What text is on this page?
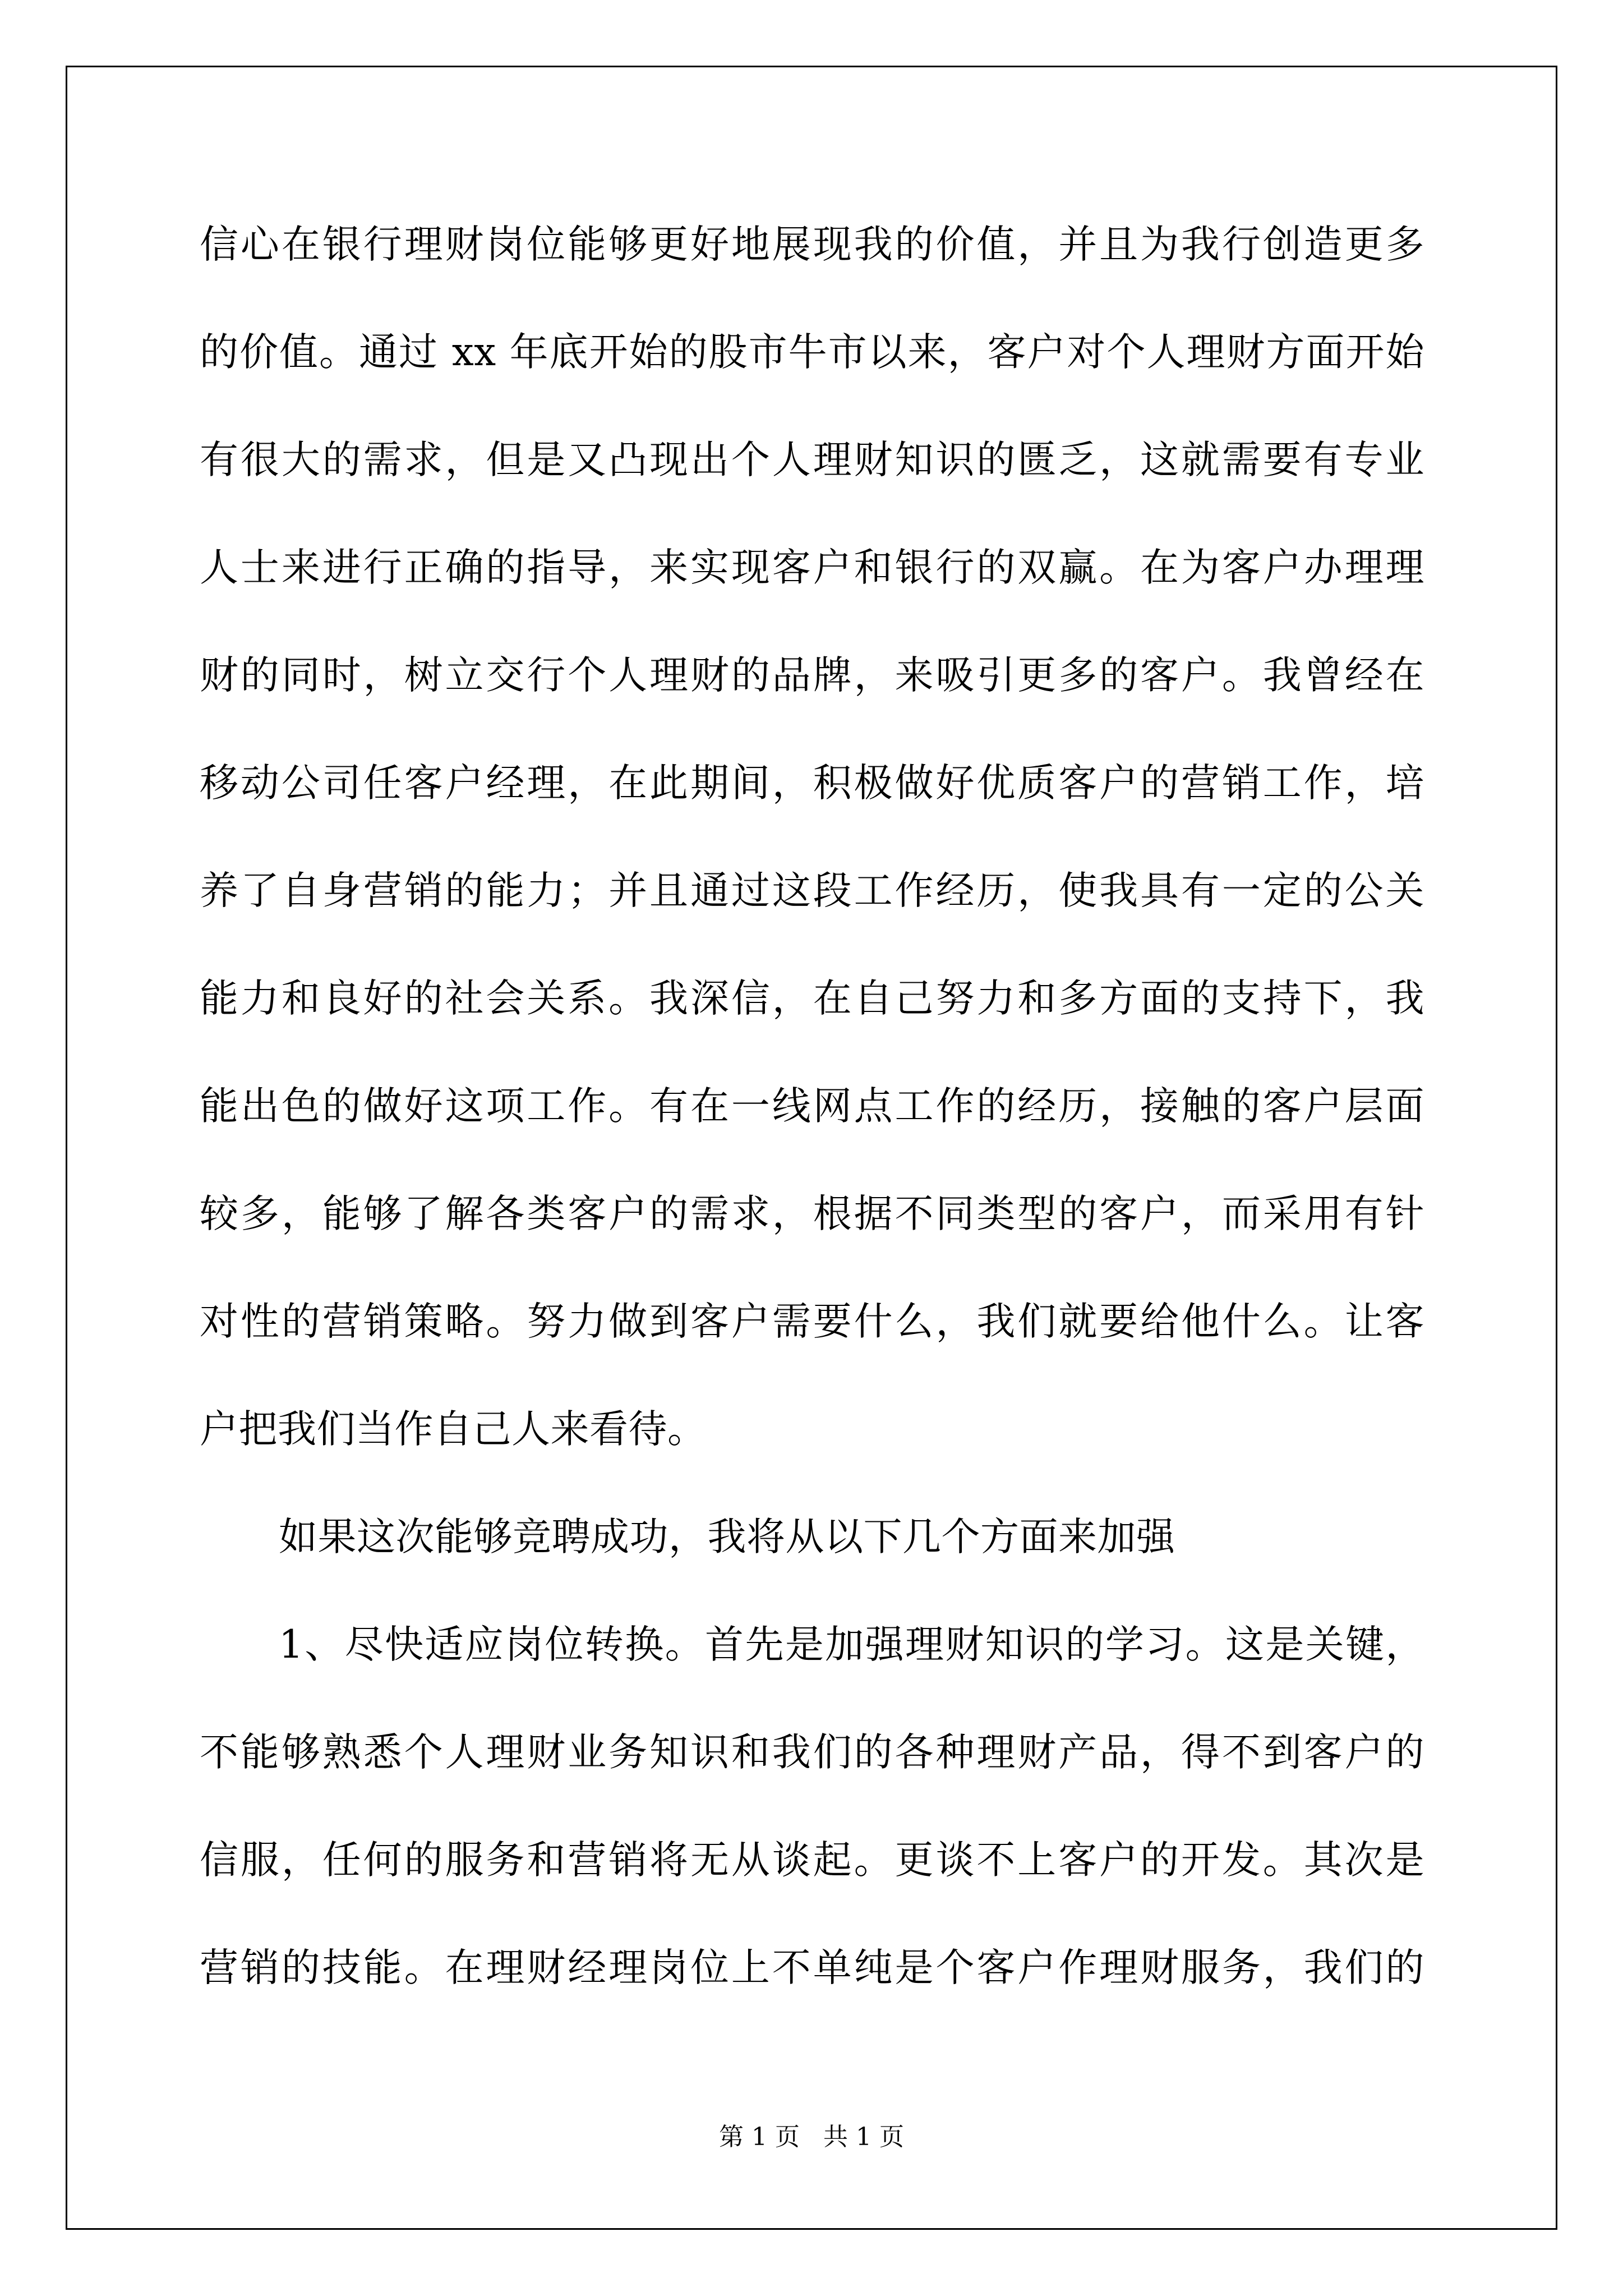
信心在银行理财岗位能够更好地展现我的价值，并且为我行创造更多
的价值。通过 xx 年底开始的股市牛市以来，客户对个人理财方面开始
有很大的需求，但是又凸现出个人理财知识的匮乏，这就需要有专业
人士来进行正确的指导，来实现客户和银行的双赢。在为客户办理理
财的同时，树立交行个人理财的品牌，来吸引更多的客户。我曾经在
移动公司任客户经理，在此期间，积极做好优质客户的营销工作，培
养了自身营销的能力；并且通过这段工作经历，使我具有一定的公关
能力和良好的社会关系。我深信，在自己努力和多方面的支持下，我
能出色的做好这项工作。有在一线网点工作的经历，接触的客户层面
较多，能够了解各类客户的需求，根据不同类型的客户，而采用有针
对性的营销策略。努力做到客户需要什么，我们就要给他什么。让客
户把我们当作自己人来看待。
如果这次能够竞聘成功，我将从以下几个方面来加强
1、尽快适应岗位转换。首先是加强理财知识的学习。这是关键，
不能够熟悉个人理财业务知识和我们的各种理财产品，得不到客户的
信服，任何的服务和营销将无从谈起。更谈不上客户的开发。其次是
营销的技能。在理财经理岗位上不单纯是个客户作理财服务，我们的
第 1 页   共 1 页
